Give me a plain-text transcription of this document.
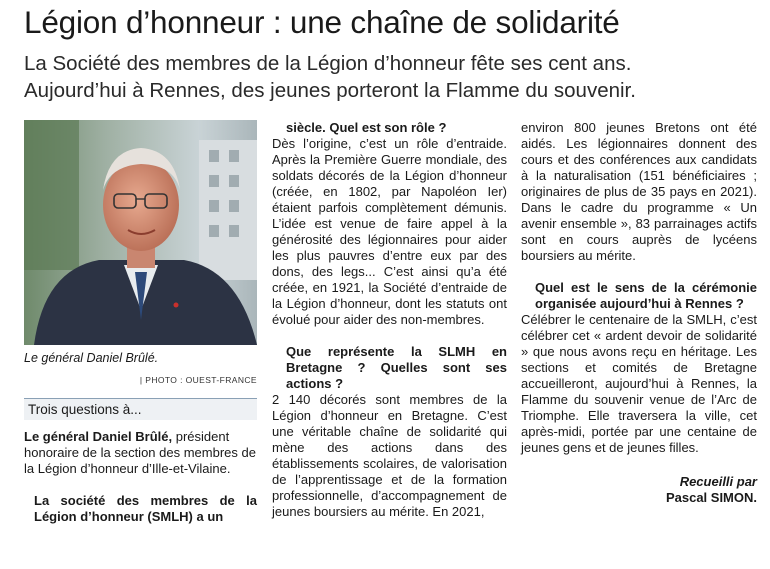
Légion d’honneur : une chaîne de solidarité
La Société des membres de la Légion d’honneur fête ses cent ans.
Aujourd’hui à Rennes, des jeunes porteront la Flamme du souvenir.
Le général Daniel Brûlé.
| PHOTO : OUEST-FRANCE
Trois questions à...

Le général Daniel Brûlé, président honoraire de la section des membres de la Légion d’honneur d’Ille-et-Vilaine.

La société des membres de la Légion d’honneur (SMLH) a un

siècle. Quel est son rôle ?

Dès l’origine, c’est un rôle d’entraide. Après la Première Guerre mondiale, des soldats décorés de la Légion d’honneur (créée, en 1802, par Napoléon Ier) étaient parfois complètement démunis. L’idée est venue de faire appel à la générosité des légionnaires pour aider les plus pauvres d’entre eux par des dons, des legs... C’est ainsi qu’a été créée, en 1921, la Société d’entraide de la Légion d’honneur, dont les statuts ont évolué pour aider des non-membres.

Que représente la SLMH en Bretagne ? Quelles sont ses actions ?

2 140 décorés sont membres de la Légion d’honneur en Bretagne. C’est une véritable chaîne de solidarité qui mène des actions dans des établissements scolaires, de valorisation de l’apprentissage et de la formation professionnelle, d’accompagnement de jeunes boursiers au mérite. En 2021,

environ 800 jeunes Bretons ont été aidés. Les légionnaires donnent des cours et des conférences aux candidats à la naturalisation (151 bénéficiaires ; originaires de plus de 35 pays en 2021). Dans le cadre du programme « Un avenir ensemble », 83 parrainages actifs sont en cours auprès de lycéens boursiers au mérite.

Quel est le sens de la cérémonie organisée aujourd’hui à Rennes ?

Célébrer le centenaire de la SMLH, c’est célébrer cet « ardent devoir de solidarité » que nous avons reçu en héritage. Les sections et comités de Bretagne accueilleront, aujourd’hui à Rennes, la Flamme du souvenir venue de l’Arc de Triomphe. Elle traversera la ville, cet après-midi, portée par une centaine de jeunes gens et de jeunes filles.

Recueilli par
Pascal SIMON.
